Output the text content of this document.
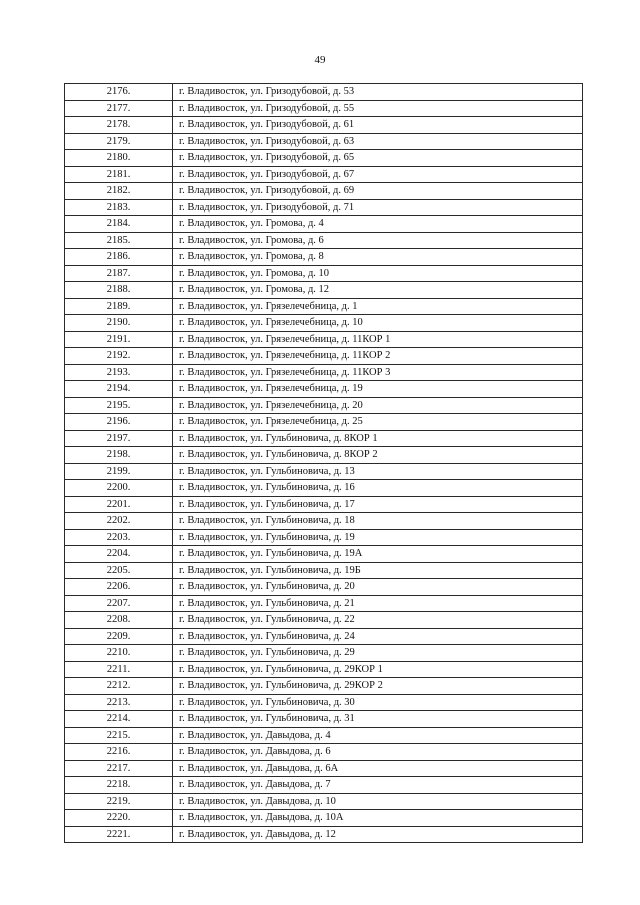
49
2176.	г. Владивосток, ул. Гризодубовой, д. 53
2177.	г. Владивосток, ул. Гризодубовой, д. 55
2178.	г. Владивосток, ул. Гризодубовой, д. 61
2179.	г. Владивосток, ул. Гризодубовой, д. 63
2180.	г. Владивосток, ул. Гризодубовой, д. 65
2181.	г. Владивосток, ул. Гризодубовой, д. 67
2182.	г. Владивосток, ул. Гризодубовой, д. 69
2183.	г. Владивосток, ул. Гризодубовой, д. 71
2184.	г. Владивосток, ул. Громова, д. 4
2185.	г. Владивосток, ул. Громова, д. 6
2186.	г. Владивосток, ул. Громова, д. 8
2187.	г. Владивосток, ул. Громова, д. 10
2188.	г. Владивосток, ул. Громова, д. 12
2189.	г. Владивосток, ул. Грязелечебница, д. 1
2190.	г. Владивосток, ул. Грязелечебница, д. 10
2191.	г. Владивосток, ул. Грязелечебница, д. 11КОР 1
2192.	г. Владивосток, ул. Грязелечебница, д. 11КОР 2
2193.	г. Владивосток, ул. Грязелечебница, д. 11КОР 3
2194.	г. Владивосток, ул. Грязелечебница, д. 19
2195.	г. Владивосток, ул. Грязелечебница, д. 20
2196.	г. Владивосток, ул. Грязелечебница, д. 25
2197.	г. Владивосток, ул. Гульбиновича, д. 8КОР 1
2198.	г. Владивосток, ул. Гульбиновича, д. 8КОР 2
2199.	г. Владивосток, ул. Гульбиновича, д. 13
2200.	г. Владивосток, ул. Гульбиновича, д. 16
2201.	г. Владивосток, ул. Гульбиновича, д. 17
2202.	г. Владивосток, ул. Гульбиновича, д. 18
2203.	г. Владивосток, ул. Гульбиновича, д. 19
2204.	г. Владивосток, ул. Гульбиновича, д. 19А
2205.	г. Владивосток, ул. Гульбиновича, д. 19Б
2206.	г. Владивосток, ул. Гульбиновича, д. 20
2207.	г. Владивосток, ул. Гульбиновича, д. 21
2208.	г. Владивосток, ул. Гульбиновича, д. 22
2209.	г. Владивосток, ул. Гульбиновича, д. 24
2210.	г. Владивосток, ул. Гульбиновича, д. 29
2211.	г. Владивосток, ул. Гульбиновича, д. 29КОР 1
2212.	г. Владивосток, ул. Гульбиновича, д. 29КОР 2
2213.	г. Владивосток, ул. Гульбиновича, д. 30
2214.	г. Владивосток, ул. Гульбиновича, д. 31
2215.	г. Владивосток, ул. Давыдова, д. 4
2216.	г. Владивосток, ул. Давыдова, д. 6
2217.	г. Владивосток, ул. Давыдова, д. 6А
2218.	г. Владивосток, ул. Давыдова, д. 7
2219.	г. Владивосток, ул. Давыдова, д. 10
2220.	г. Владивосток, ул. Давыдова, д. 10А
2221.	г. Владивосток, ул. Давыдова, д. 12
